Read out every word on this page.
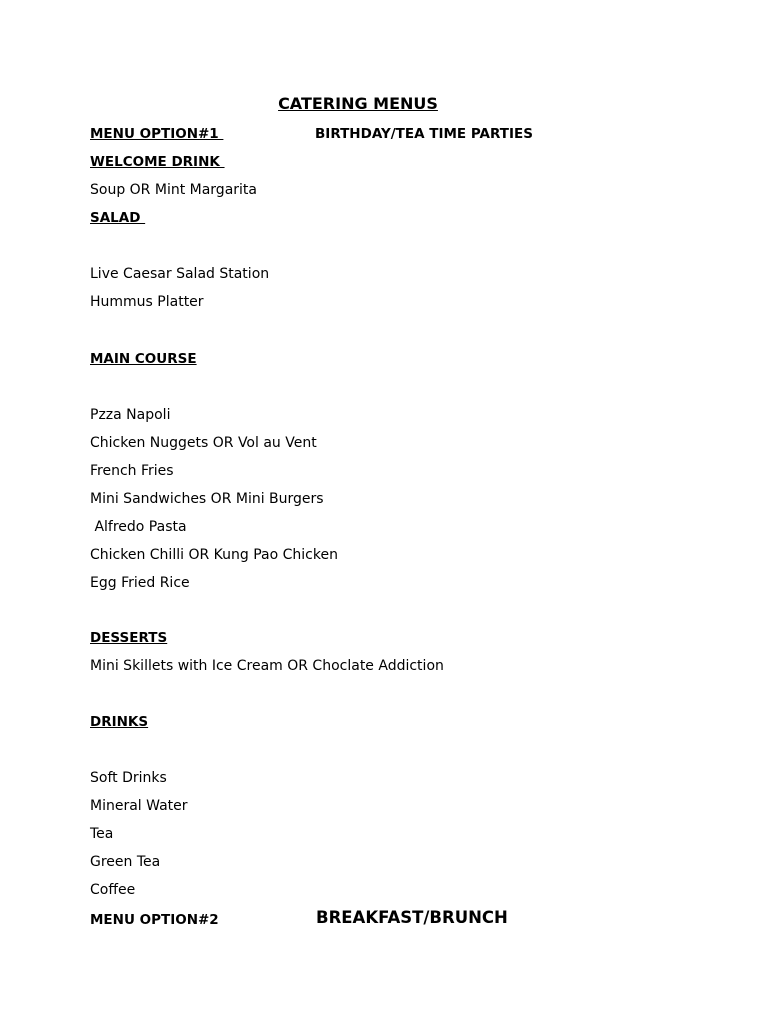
CATERING MENUS
MENU OPTION#1	BIRTHDAY/TEA TIME PARTIES
WELCOME DRINK
Soup OR Mint Margarita
SALAD
Live Caesar Salad Station
Hummus Platter
MAIN COURSE
Pzza Napoli
Chicken Nuggets OR Vol au Vent
French Fries
Mini Sandwiches OR Mini Burgers
Alfredo Pasta
Chicken Chilli OR Kung Pao Chicken
Egg Fried Rice
DESSERTS
Mini Skillets with Ice Cream OR Choclate Addiction
DRINKS
Soft Drinks
Mineral Water
Tea
Green Tea
Coffee
MENU OPTION#2	BREAKFAST/BRUNCH
